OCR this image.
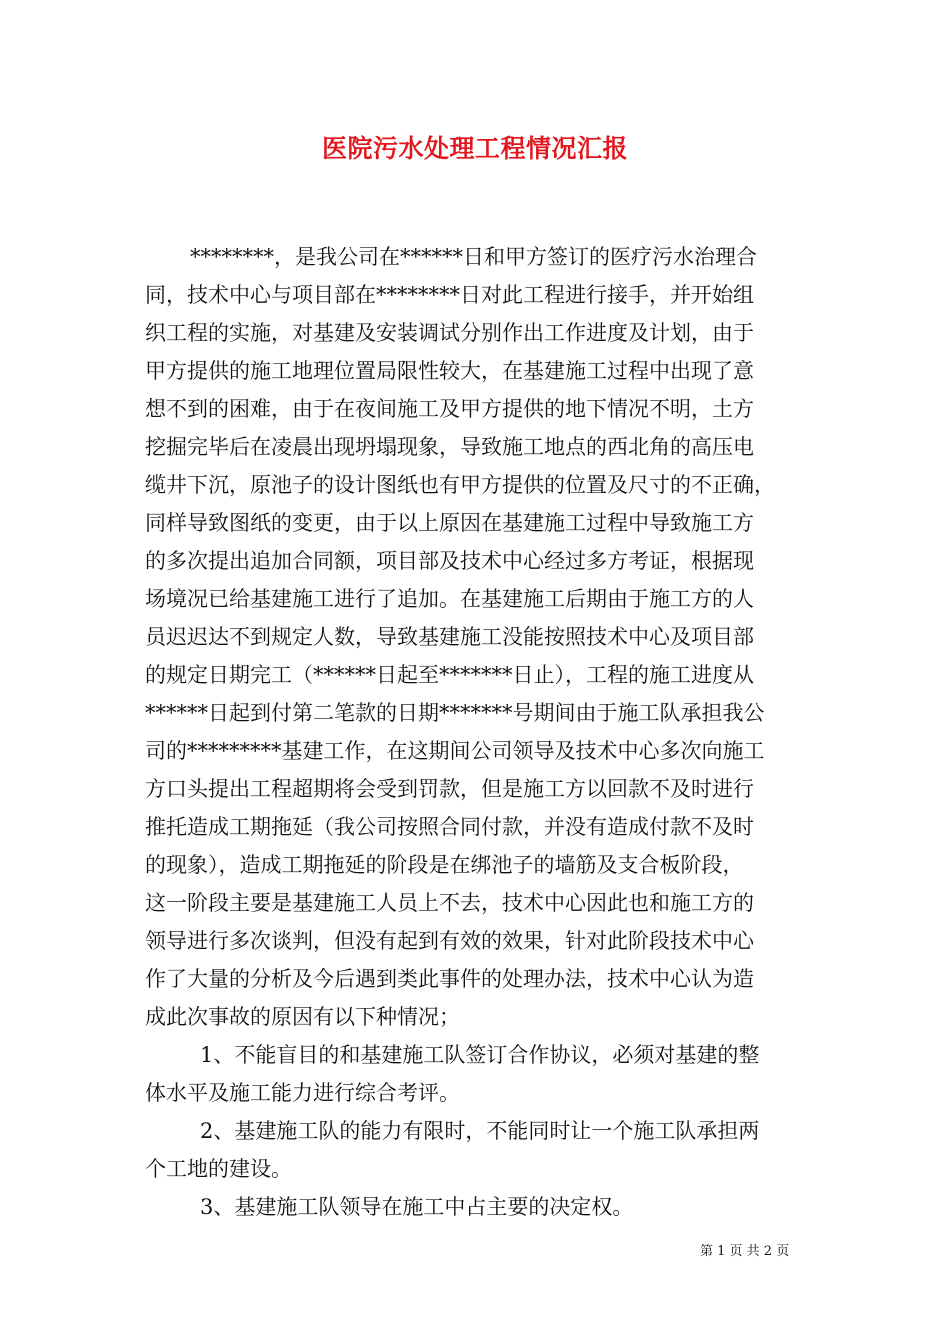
医院污水处理工程情况汇报
********，是我公司在******日和甲方签订的医疗污水治理合
同，技术中心与项目部在********日对此工程进行接手，并开始组
织工程的实施，对基建及安装调试分别作出工作进度及计划，由于
甲方提供的施工地理位置局限性较大，在基建施工过程中出现了意
想不到的困难，由于在夜间施工及甲方提供的地下情况不明，土方
挖掘完毕后在凌晨出现坍塌现象，导致施工地点的西北角的高压电
缆井下沉，原池子的设计图纸也有甲方提供的位置及尺寸的不正确，
同样导致图纸的变更，由于以上原因在基建施工过程中导致施工方
的多次提出追加合同额，项目部及技术中心经过多方考证，根据现
场境况已给基建施工进行了追加。在基建施工后期由于施工方的人
员迟迟达不到规定人数，导致基建施工没能按照技术中心及项目部
的规定日期完工（******日起至*******日止），工程的施工进度从
******日起到付第二笔款的日期*******号期间由于施工队承担我公
司的*********基建工作，在这期间公司领导及技术中心多次向施工
方口头提出工程超期将会受到罚款，但是施工方以回款不及时进行
推托造成工期拖延（我公司按照合同付款，并没有造成付款不及时
的现象），造成工期拖延的阶段是在绑池子的墙筋及支合板阶段，
这一阶段主要是基建施工人员上不去，技术中心因此也和施工方的
领导进行多次谈判，但没有起到有效的效果，针对此阶段技术中心
作了大量的分析及今后遇到类此事件的处理办法，技术中心认为造
成此次事故的原因有以下种情况；
1、不能盲目的和基建施工队签订合作协议，必须对基建的整
体水平及施工能力进行综合考评。
2、基建施工队的能力有限时，不能同时让一个施工队承担两
个工地的建设。
3、基建施工队领导在施工中占主要的决定权。
第 1 页 共 2 页
